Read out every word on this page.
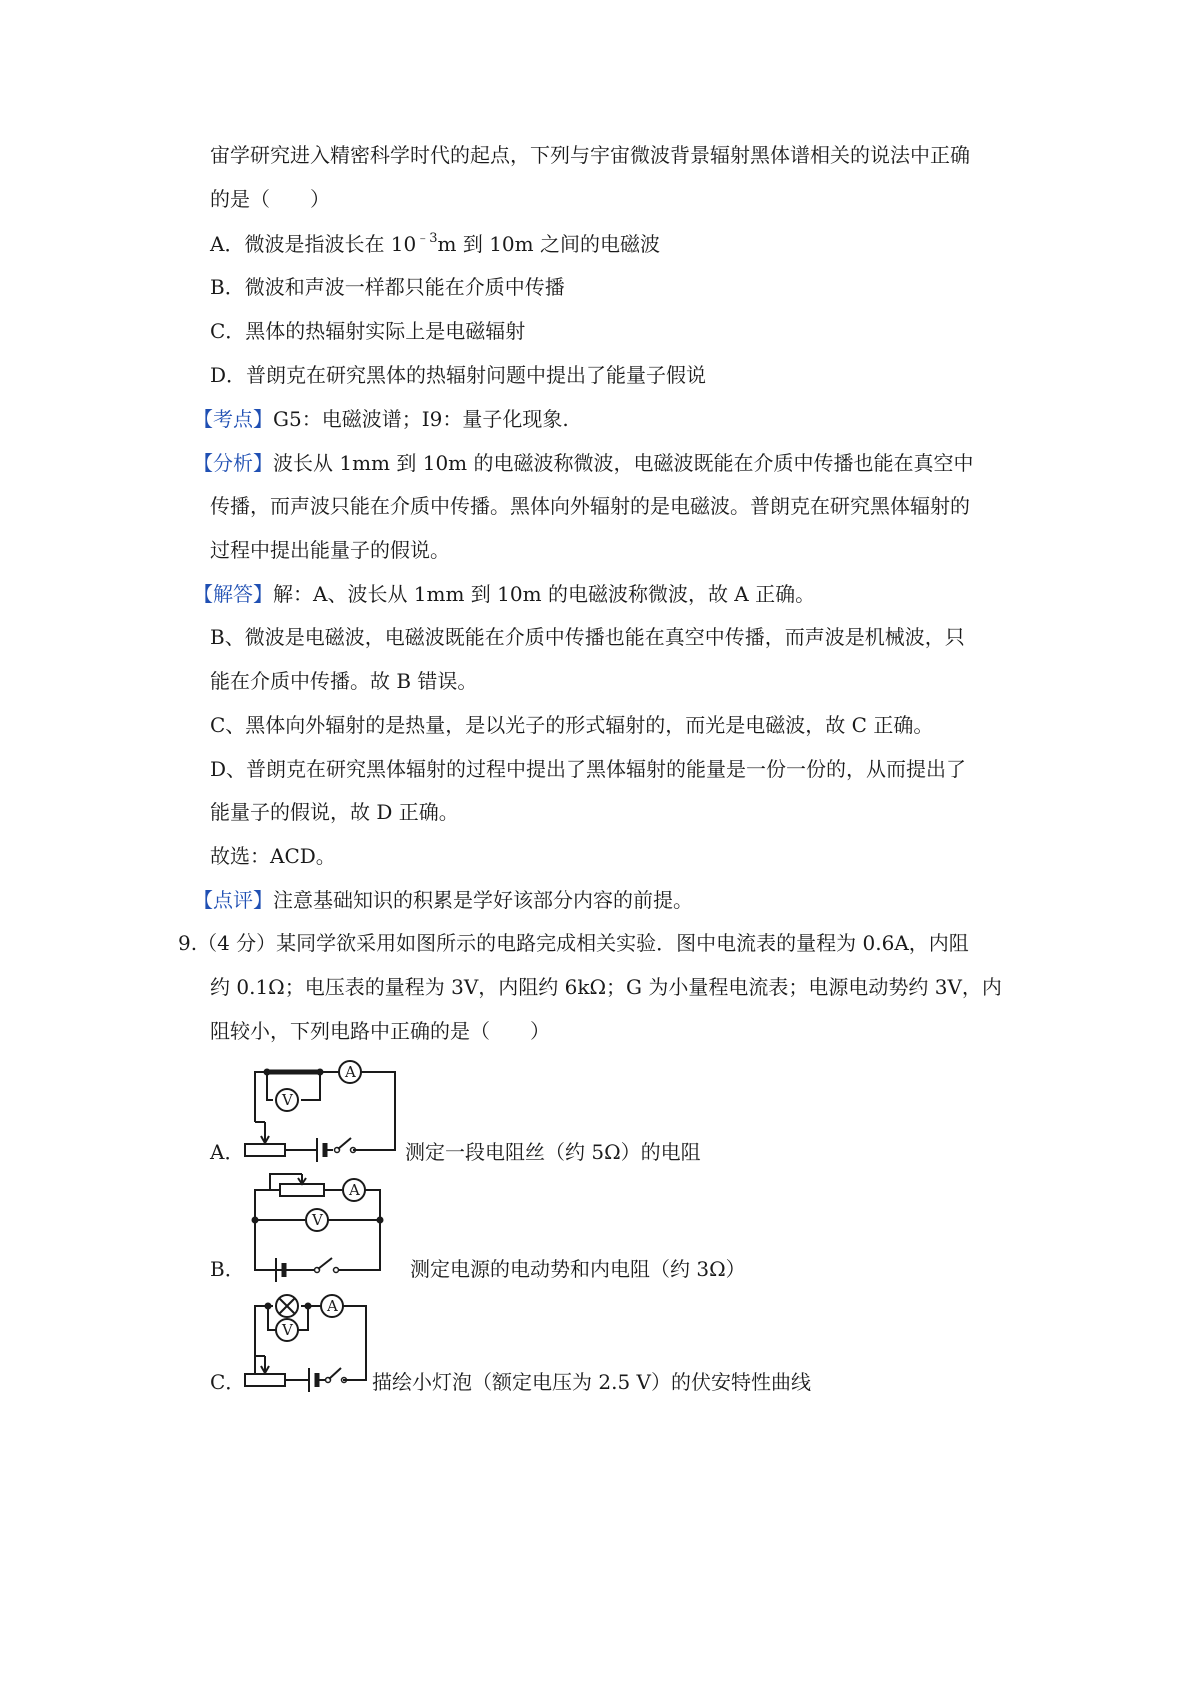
宙学研究进入精密科学时代的起点，下列与宇宙微波背景辐射黑体谱相关的说法中正确
的是（　　）
A．微波是指波长在 $10^{﹣3}m$ 到 10m 之间的电磁波
B．微波和声波一样都只能在介质中传播
C．黑体的热辐射实际上是电磁辐射
D．普朗克在研究黑体的热辐射问题中提出了能量子假说
【考点】G5：电磁波谱；I9：量子化现象.
【分析】波长从 1mm 到 10m 的电磁波称微波，电磁波既能在介质中传播也能在真空中
传播，而声波只能在介质中传播。黑体向外辐射的是电磁波。普朗克在研究黑体辐射的
过程中提出能量子的假说。
【解答】解：A、波长从 1mm 到 10m 的电磁波称微波，故 A 正确。
B、微波是电磁波，电磁波既能在介质中传播也能在真空中传播，而声波是机械波，只
能在介质中传播。故 B 错误。
C、黑体向外辐射的是热量，是以光子的形式辐射的，而光是电磁波，故 C 正确。
D、普朗克在研究黑体辐射的过程中提出了黑体辐射的能量是一份一份的，从而提出了
能量子的假说，故 D 正确。
故选：ACD。
【点评】注意基础知识的积累是学好该部分内容的前提。
9.（4 分）某同学欲采用如图所示的电路完成相关实验．图中电流表的量程为 0.6A，内阻
约 0.1Ω；电压表的量程为 3V，内阻约 6kΩ；G 为小量程电流表；电源电动势约 3V，内
阻较小，下列电路中正确的是（　　）
A．
A
V
测定一段电阻丝（约 5Ω）的电阻
B．
A
V
测定电源的电动势和内电阻（约 3Ω）
C．
A
V
描绘小灯泡（额定电压为 2.5 V）的伏安特性曲线
